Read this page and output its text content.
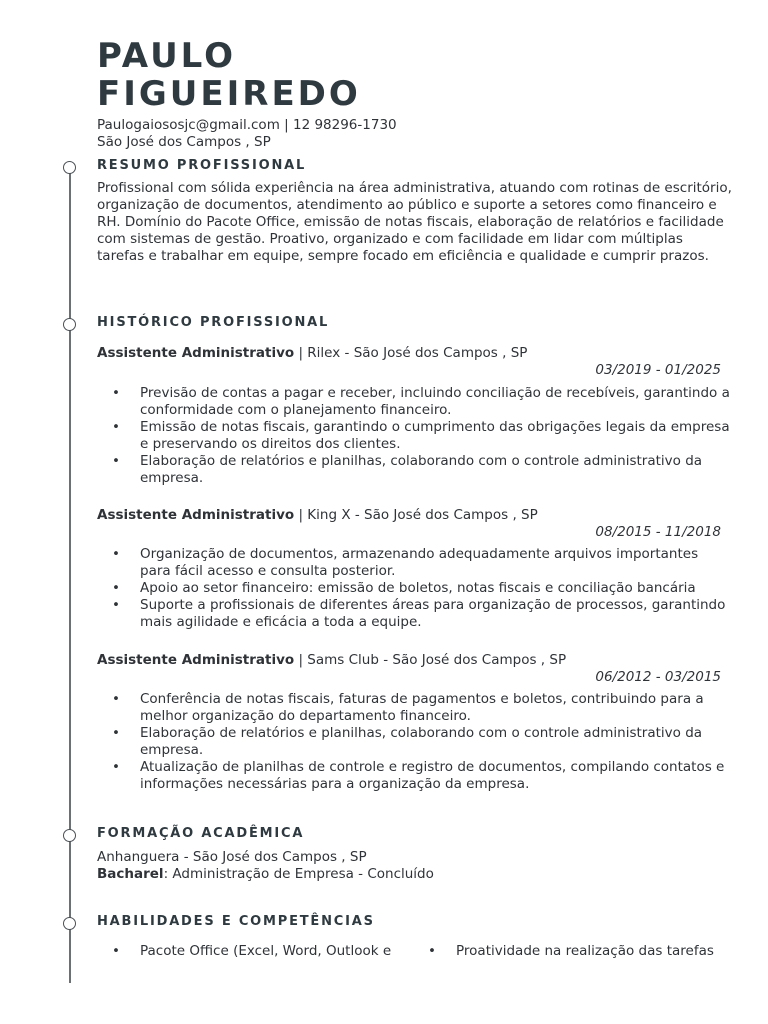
PAULO
FIGUEIREDO
Paulogaiososjc@gmail.com | 12 98296-1730
São José dos Campos , SP
RESUMO PROFISSIONAL

Profissional com sólida experiência na área administrativa, atuando com rotinas de escritório, organização de documentos, atendimento ao público e suporte a setores como financeiro e RH. Domínio do Pacote Office, emissão de notas fiscais, elaboração de relatórios e facilidade com sistemas de gestão. Proativo, organizado e com facilidade em lidar com múltiplas tarefas e trabalhar em equipe, sempre focado em eficiência e qualidade e cumprir prazos.

HISTÓRICO PROFISSIONAL
Assistente Administrativo | Rilex - São José dos Campos , SP
03/2019 - 01/2025
• Previsão de contas a pagar e receber, incluindo conciliação de recebíveis, garantindo a conformidade com o planejamento financeiro.
• Emissão de notas fiscais, garantindo o cumprimento das obrigações legais da empresa e preservando os direitos dos clientes.
• Elaboração de relatórios e planilhas, colaborando com o controle administrativo da empresa.
Assistente Administrativo | King X - São José dos Campos , SP
08/2015 - 11/2018
• Organização de documentos, armazenando adequadamente arquivos importantes para fácil acesso e consulta posterior.
• Apoio ao setor financeiro: emissão de boletos, notas fiscais e conciliação bancária
• Suporte a profissionais de diferentes áreas para organização de processos, garantindo mais agilidade e eficácia a toda a equipe.
Assistente Administrativo | Sams Club - São José dos Campos , SP
06/2012 - 03/2015
• Conferência de notas fiscais, faturas de pagamentos e boletos, contribuindo para a melhor organização do departamento financeiro.
• Elaboração de relatórios e planilhas, colaborando com o controle administrativo da empresa.
• Atualização de planilhas de controle e registro de documentos, compilando contatos e informações necessárias para a organização da empresa.
FORMAÇÃO ACADÊMICA
Anhanguera - São José dos Campos , SP
Bacharel: Administração de Empresa - Concluído
HABILIDADES E COMPETÊNCIAS
• Pacote Office (Excel, Word, Outlook e
•	Proatividade na realização das tarefas
